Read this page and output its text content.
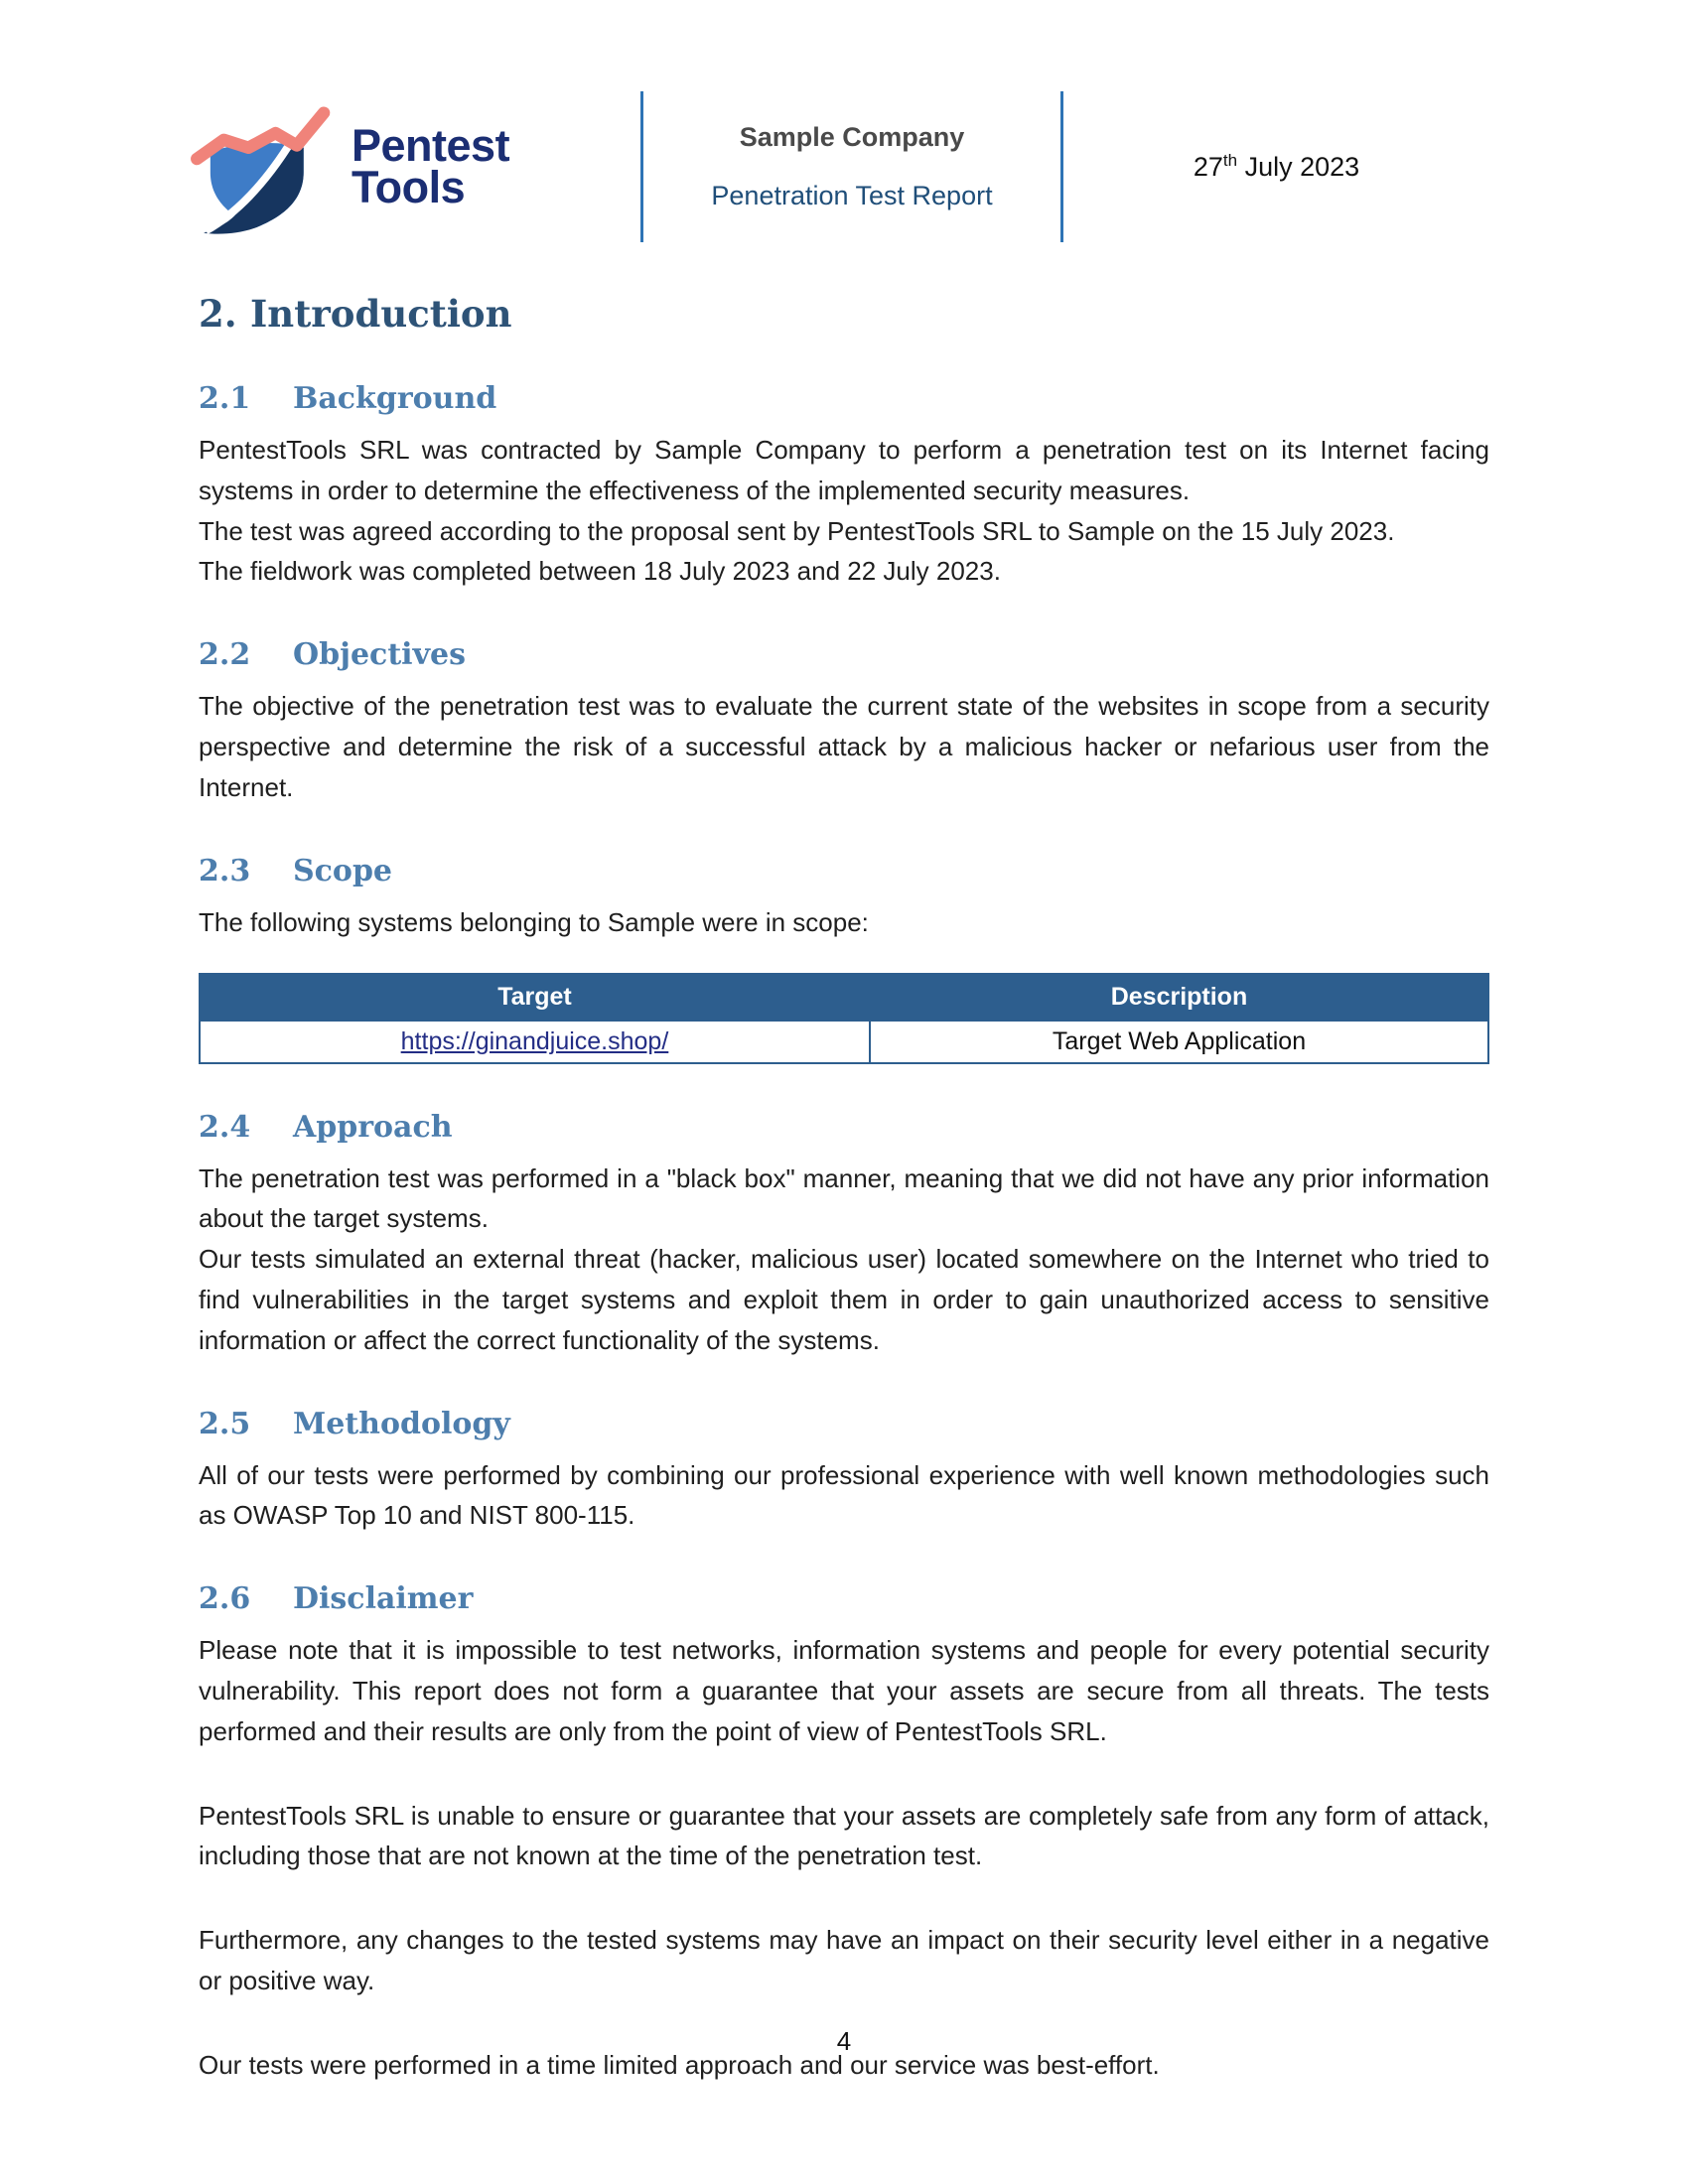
Pentest
Tools
Sample Company
Penetration Test Report
27th July 2023
2. Introduction
2.1 Background

PentestTools SRL was contracted by Sample Company to perform a penetration test on its Internet facing systems in order to determine the effectiveness of the implemented security measures.

The test was agreed according to the proposal sent by PentestTools SRL to Sample on the 15 July 2023.

The fieldwork was completed between 18 July 2023 and 22 July 2023.

2.2 Objectives

The objective of the penetration test was to evaluate the current state of the websites in scope from a security perspective and determine the risk of a successful attack by a malicious hacker or nefarious user from the Internet.

2.3 Scope

The following systems belonging to Sample were in scope:

Target	Description
https://ginandjuice.shop/	Target Web Application
2.4 Approach

The penetration test was performed in a "black box" manner, meaning that we did not have any prior information about the target systems.

Our tests simulated an external threat (hacker, malicious user) located somewhere on the Internet who tried to find vulnerabilities in the target systems and exploit them in order to gain unauthorized access to sensitive information or affect the correct functionality of the systems.

2.5 Methodology

All of our tests were performed by combining our professional experience with well known methodologies such as OWASP Top 10 and NIST 800-115.

2.6 Disclaimer

Please note that it is impossible to test networks, information systems and people for every potential security vulnerability. This report does not form a guarantee that your assets are secure from all threats. The tests performed and their results are only from the point of view of PentestTools SRL.

PentestTools SRL is unable to ensure or guarantee that your assets are completely safe from any form of attack, including those that are not known at the time of the penetration test.

Furthermore, any changes to the tested systems may have an impact on their security level either in a negative or positive way.

Our tests were performed in a time limited approach and our service was best-effort.

4
